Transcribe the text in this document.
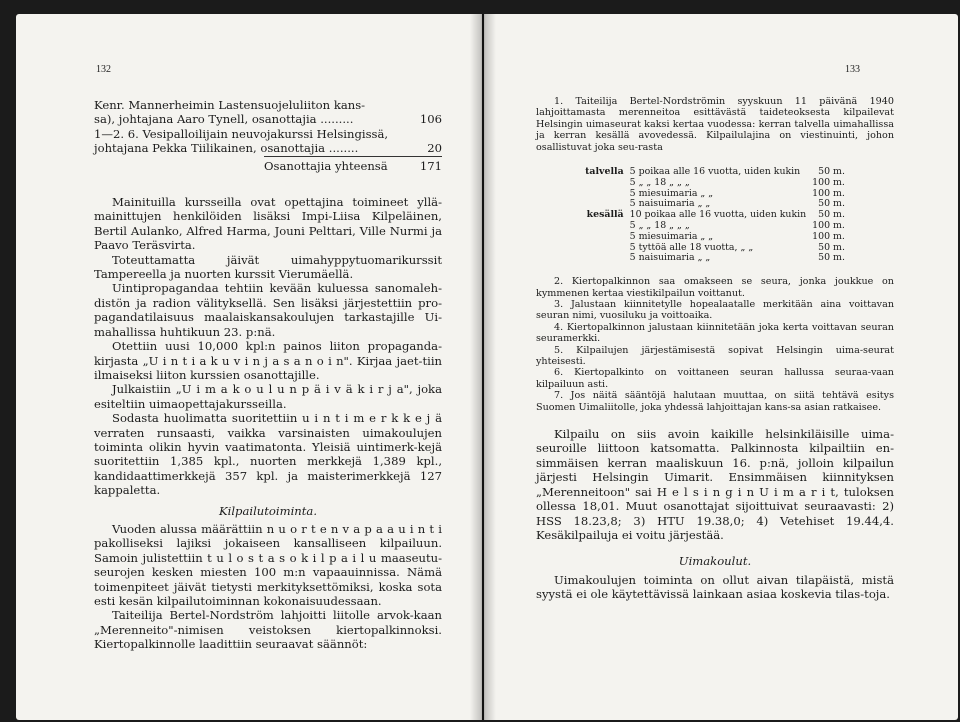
132
Kenr. Mannerheimin Lastensuojeluliiton kans-
sa), johtajana Aaro Tynell, osanottajia .........	106
1—2. 6. Vesipalloilijain neuvojakurssi Helsingissä,
johtajana Pekka Tiilikainen, osanottajia ........	20
Osanottajia yhteensä	171

Mainituilla kursseilla ovat opettajina toimineet yllä-mainittujen henkilöiden lisäksi Impi-Liisa Kilpeläinen, Bertil Aulanko, Alfred Harma, Jouni Pelttari, Ville Nurmi ja Paavo Teräsvirta.

Toteuttamatta jäivät uimahyppytuomarikurssit Tampereella ja nuorten kurssit Vierumäellä.

Uintipropagandaa tehtiin kevään kuluessa sanomaleh-distön ja radion välityksellä. Sen lisäksi järjestettiin pro-pagandatilaisuus maalaiskansakoulujen tarkastajille Ui-mahallissa huhtikuun 23. p:nä.

Otettiin uusi 10,000 kpl:n painos liiton propaganda-kirjasta „U i n t i a k u v i n j a s a n o i n". Kirjaa jaet-tiin ilmaiseksi liiton kurssien osanottajille.

Julkaistiin „U i m a k o u l u n p ä i v ä k i r j a", joka esiteltiin uimaopettajakursseilla.

Sodasta huolimatta suoritettiin u i n t i m e r k k e j ä verraten runsaasti, vaikka varsinaisten uimakoulujen toiminta olikin hyvin vaatimatonta. Yleisiä uintimerk-kejä suoritettiin 1,385 kpl., nuorten merkkejä 1,389 kpl., kandidaattimerkkejä 357 kpl. ja maisterimerkkejä 127 kappaletta.

Kilpailutoiminta.

Vuoden alussa määrättiin n u o r t e n v a p a a u i n t i pakolliseksi lajiksi jokaiseen kansalliseen kilpailuun. Samoin julistettiin t u l o s t a s o k i l p a i l u maaseutu-seurojen kesken miesten 100 m:n vapaauinnissa. Nämä toimenpiteet jäivät tietysti merkityksettömiksi, koska sota esti kesän kilpailutoiminnan kokonaisuudessaan.

Taiteilija Bertel-Nordström lahjoitti liitolle arvok-kaan „Merenneito"-nimisen veistoksen kiertopalkinnoksi. Kiertopalkinnolle laadittiin seuraavat säännöt:

133

1. Taiteilija Bertel-Nordströmin syyskuun 11 päivänä 1940 lahjoittamasta merenneitoa esittävästä taideteoksesta kilpailevat Helsingin uimaseurat kaksi kertaa vuodessa: kerran talvella uimahallissa ja kerran kesällä avovedessä. Kilpailulajina on viestinuinti, johon osallistuvat joka seu-rasta

talvella	5 poikaa alle 16 vuotta, uiden kukin	50 m.
	5 „ „ 18 „ „ „	100 m.
	5 miesuimaria „ „	100 m.
	5 naisuimaria „ „	50 m.
kesällä	10 poikaa alle 16 vuotta, uiden kukin	50 m.
	5 „ „ 18 „ „ „	100 m.
	5 miesuimaria „ „	100 m.
	5 tyttöä alle 18 vuotta, „ „	50 m.
	5 naisuimaria „ „	50 m.

2. Kiertopalkinnon saa omakseen se seura, jonka joukkue on kymmenen kertaa viestikilpailun voittanut.

3. Jalustaan kiinnitetylle hopealaatalle merkitään aina voittavan seuran nimi, vuosiluku ja voittoaika.

4. Kiertopalkinnon jalustaan kiinnitetään joka kerta voittavan seuran seuramerkki.

5. Kilpailujen järjestämisestä sopivat Helsingin uima-seurat yhteisesti.

6. Kiertopalkinto on voittaneen seuran hallussa seuraa-vaan kilpailuun asti.

7. Jos näitä sääntöjä halutaan muuttaa, on siitä tehtävä esitys Suomen Uimaliitolle, joka yhdessä lahjoittajan kans-sa asian ratkaisee.

Kilpailu on siis avoin kaikille helsinkiläisille uima-seuroille liittoon katsomatta. Palkinnosta kilpailtiin en-simmäisen kerran maaliskuun 16. p:nä, jolloin kilpailun järjesti Helsingin Uimarit. Ensimmäisen kiinnityksen „Merenneitoon" sai H e l s i n g i n U i m a r i t, tuloksen ollessa 18,01. Muut osanottajat sijoittuivat seuraavasti: 2) HSS 18.23,8; 3) HTU 19.38,0; 4) Vetehiset 19.44,4. Kesäkilpailuja ei voitu järjestää.

Uimakoulut.

Uimakoulujen toiminta on ollut aivan tilapäistä, mistä syystä ei ole käytettävissä lainkaan asiaa koskevia tilas-toja.
